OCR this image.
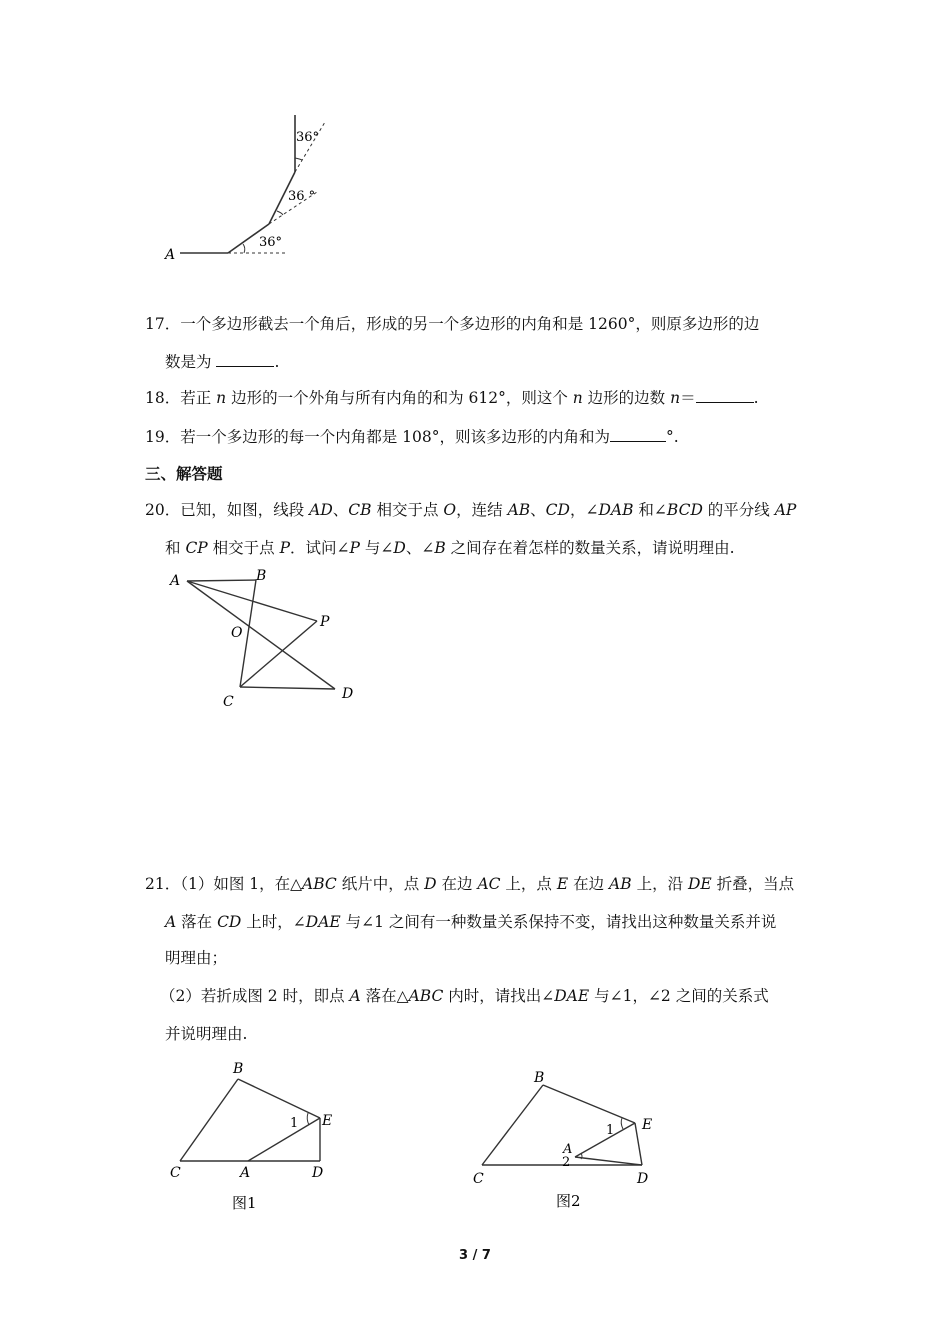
A
36°
36 °
36°
17．一个多边形截去一个角后，形成的另一个多边形的内角和是 1260°，则原多边形的边
数是为	.
18．若正 n 边形的一个外角与所有内角的和为 612°，则这个 n 边形的边数 n＝	.
19．若一个多边形的每一个内角都是 108°，则该多边形的内角和为	°.
三、解答题
20．已知，如图，线段 AD、CB 相交于点 O，连结 AB、CD，∠DAB 和∠BCD 的平分线 AP
和 CP 相交于点 P．试问∠P 与∠D、∠B 之间存在着怎样的数量关系，请说明理由.
A	B
O
P
C	D
21．（1）如图 1，在△ABC 纸片中，点 D 在边 AC 上，点 E 在边 AB 上，沿 DE 折叠，当点
A 落在 CD 上时，∠DAE 与∠1 之间有一种数量关系保持不变，请找出这种数量关系并说
明理由；
（2）若折成图 2 时，即点 A 落在△ABC 内时，请找出∠DAE 与∠1，∠2 之间的关系式
并说明理由.
B
E
1
C	A	D
图1
B
E
1
A
2
C	D
图2
3 / 7
